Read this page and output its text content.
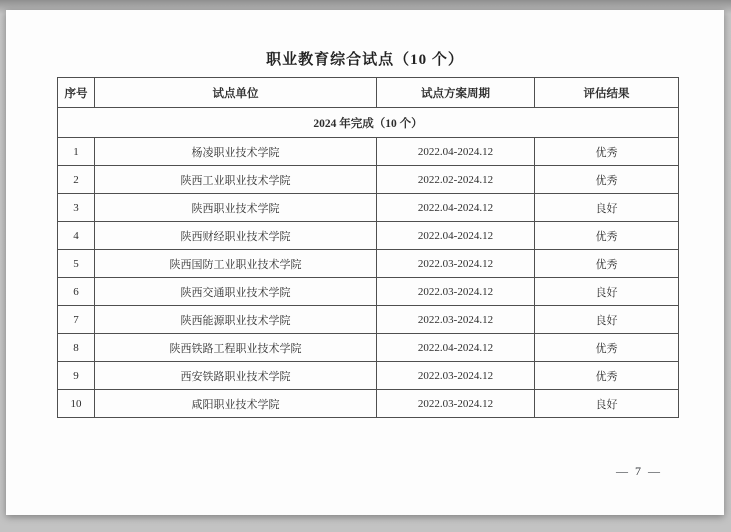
职业教育综合试点（10 个）
序号	试点单位	试点方案周期	评估结果
2024 年完成（10 个）			
1	杨凌职业技术学院	2022.04-2024.12	优秀
2	陕西工业职业技术学院	2022.02-2024.12	优秀
3	陕西职业技术学院	2022.04-2024.12	良好
4	陕西财经职业技术学院	2022.04-2024.12	优秀
5	陕西国防工业职业技术学院	2022.03-2024.12	优秀
6	陕西交通职业技术学院	2022.03-2024.12	良好
7	陕西能源职业技术学院	2022.03-2024.12	良好
8	陕西铁路工程职业技术学院	2022.04-2024.12	优秀
9	西安铁路职业技术学院	2022.03-2024.12	优秀
10	咸阳职业技术学院	2022.03-2024.12	良好
— 7 —
